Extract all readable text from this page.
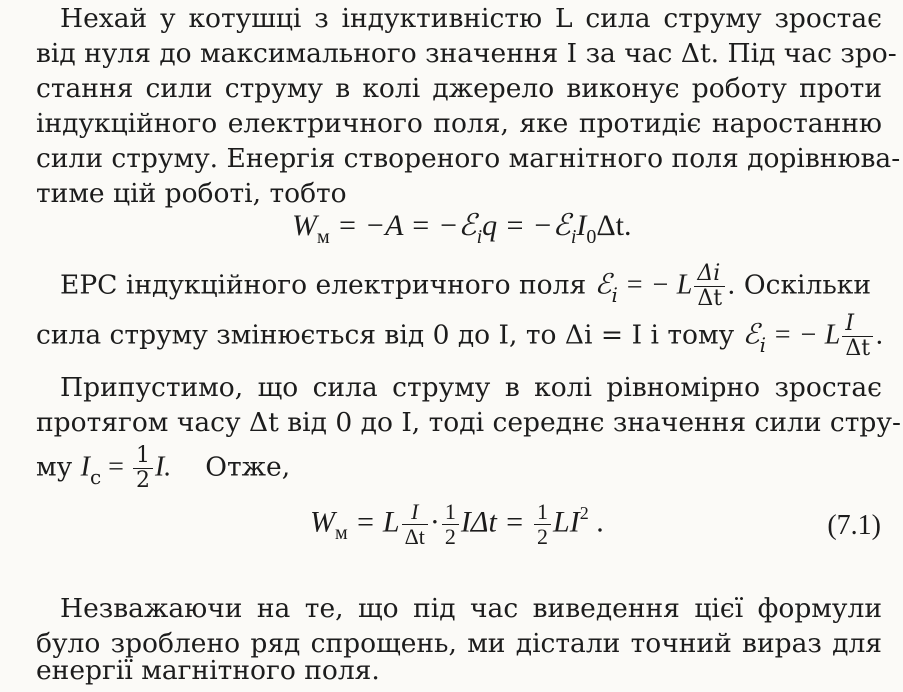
Нехай у котушці з індуктивністю L сила струму зростає
від нуля до максимального значення I за час Δt. Під час зро-
стання сили струму в колі джерело виконує роботу проти
індукційного електричного поля, яке протидіє наростанню
сили струму. Енергія створеного магнітного поля дорівнюва-
тиме цій роботі, тобто
$W_м = -A$ = −ℰ$_i$q = $-ℰ_iI_0\Delta t$.
ЕРС індукційного електричного поля ℰ$_i$ = − L $\frac{\Delta i}{\Delta t}$ . Оскільки
сила струму змінюється від 0 до I, то Δi = I і тому ℰ$_i$ = − L $\frac{I}{\Delta t}$ .
Припустимо, що сила струму в колі рівномірно зростає
протягом часу Δt від 0 до I, тоді середнє значення сили стру-
му $I_c = \frac{1}{2} I$. Отже,
$W_м = L \frac{I}{\Delta t} \cdot \frac{1}{2}$ $I\Delta t = \frac{1}{2} LI^2$ .	(7.1)
Незважаючи на те, що під час виведення цієї формули
було зроблено ряд спрощень, ми дістали точний вираз для
енергії магнітного поля.
